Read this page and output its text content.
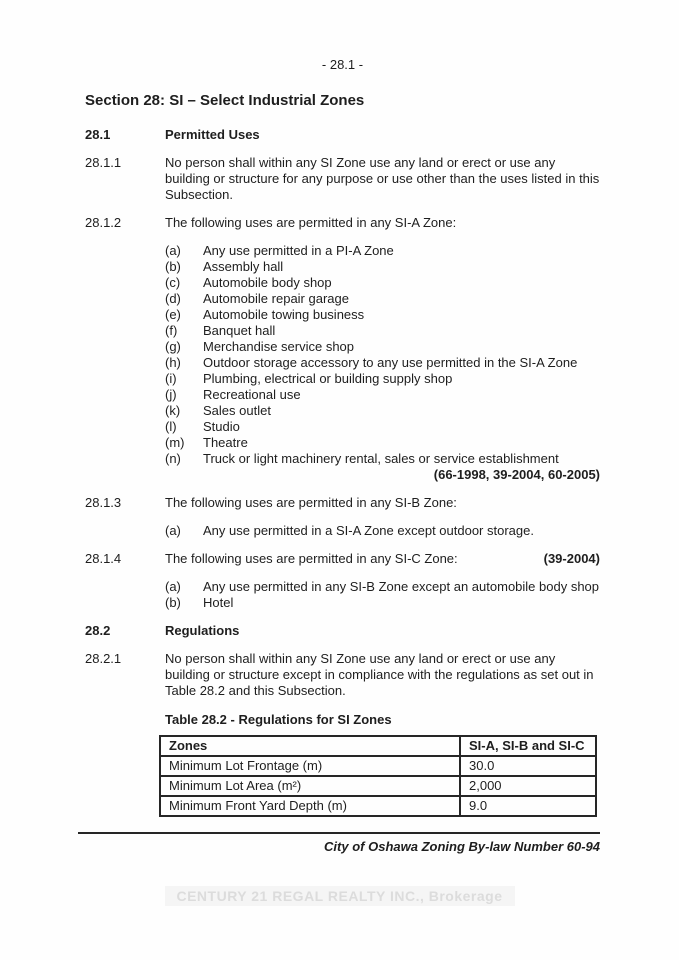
- 28.1 -
Section 28: SI – Select Industrial Zones
28.1	Permitted Uses
28.1.1	No person shall within any SI Zone use any land or erect or use any building or structure for any purpose or use other than the uses listed in this Subsection.
28.1.2	The following uses are permitted in any SI-A Zone:
(a)	Any use permitted in a PI-A Zone
(b)	Assembly hall
(c)	Automobile body shop
(d)	Automobile repair garage
(e)	Automobile towing business
(f)	Banquet hall
(g)	Merchandise service shop
(h)	Outdoor storage accessory to any use permitted in the SI-A Zone
(i)	Plumbing, electrical or building supply shop
(j)	Recreational use
(k)	Sales outlet
(l)	Studio
(m)	Theatre
(n)	Truck or light machinery rental, sales or service establishment
(66-1998, 39-2004, 60-2005)
28.1.3	The following uses are permitted in any SI-B Zone:
(a)	Any use permitted in a SI-A Zone except outdoor storage.
28.1.4	The following uses are permitted in any SI-C Zone:	(39-2004)
(a)	Any use permitted in any SI-B Zone except an automobile body shop
(b)	Hotel
28.2	Regulations
28.2.1	No person shall within any SI Zone use any land or erect or use any building or structure except in compliance with the regulations as set out in Table 28.2 and this Subsection.
Table 28.2 - Regulations for SI Zones
Zones	SI-A, SI-B and SI-C
Minimum Lot Frontage (m)	30.0
Minimum Lot Area (m²)	2,000
Minimum Front Yard Depth (m)	9.0
City of Oshawa Zoning By-law Number 60-94
CENTURY 21 REGAL REALTY INC., Brokerage
